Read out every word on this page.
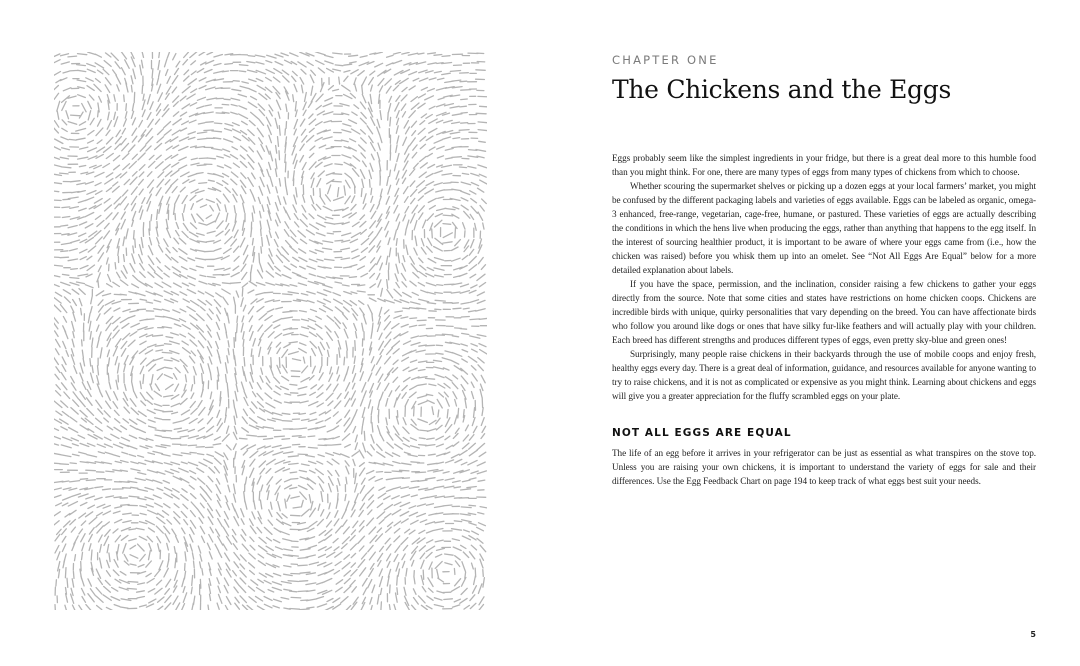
CHAPTER ONE

The Chickens and the Eggs

Eggs probably seem like the simplest ingredients in your fridge, but there is a great deal more to this humble food than you might think. For one, there are many types of eggs from many types of chickens from which to choose.

Whether scouring the supermarket shelves or picking up a dozen eggs at your local farmers’ market, you might be confused by the different packaging labels and varieties of eggs available. Eggs can be labeled as organic, omega-3 enhanced, free-range, vegetarian, cage-free, humane, or pastured. These varieties of eggs are actually describing the conditions in which the hens live when producing the eggs, rather than anything that happens to the egg itself. In the interest of sourcing healthier product, it is important to be aware of where your eggs came from (i.e., how the chicken was raised) before you whisk them up into an omelet. See “Not All Eggs Are Equal” below for a more detailed explanation about labels.

If you have the space, permission, and the inclination, consider raising a few chickens to gather your eggs directly from the source. Note that some cities and states have restrictions on home chicken coops. Chickens are incredible birds with unique, quirky personalities that vary depending on the breed. You can have affectionate birds who follow you around like dogs or ones that have silky fur-like feathers and will actually play with your children. Each breed has different strengths and produces different types of eggs, even pretty sky-blue and green ones!

Surprisingly, many people raise chickens in their backyards through the use of mobile coops and enjoy fresh, healthy eggs every day. There is a great deal of information, guidance, and resources available for anyone wanting to try to raise chickens, and it is not as complicated or expensive as you might think. Learning about chickens and eggs will give you a greater appreciation for the fluffy scrambled eggs on your plate.

NOT ALL EGGS ARE EQUAL

The life of an egg before it arrives in your refrigerator can be just as essential as what transpires on the stove top. Unless you are raising your own chickens, it is important to understand the variety of eggs for sale and their differences. Use the Egg Feedback Chart on page 194 to keep track of what eggs best suit your needs.

5
